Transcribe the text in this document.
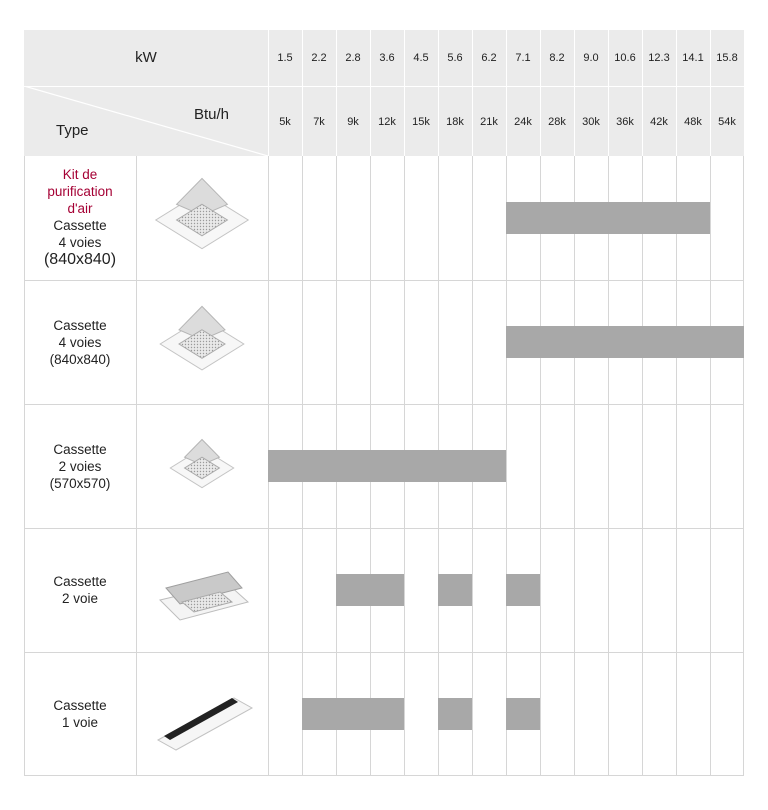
kW
Btu/h
Type
1.5
5k
2.2
7k
2.8
9k
3.6
12k
4.5
15k
5.6
18k
6.2
21k
7.1
24k
8.2
28k
9.0
30k
10.6
36k
12.3
42k
14.1
48k
15.8
54k
Kit de
purification
d'air
Cassette
4 voies
(840x840)
Cassette
4 voies
(840x840)
Cassette
2 voies
(570x570)
Cassette
2 voie
Cassette
1 voie
